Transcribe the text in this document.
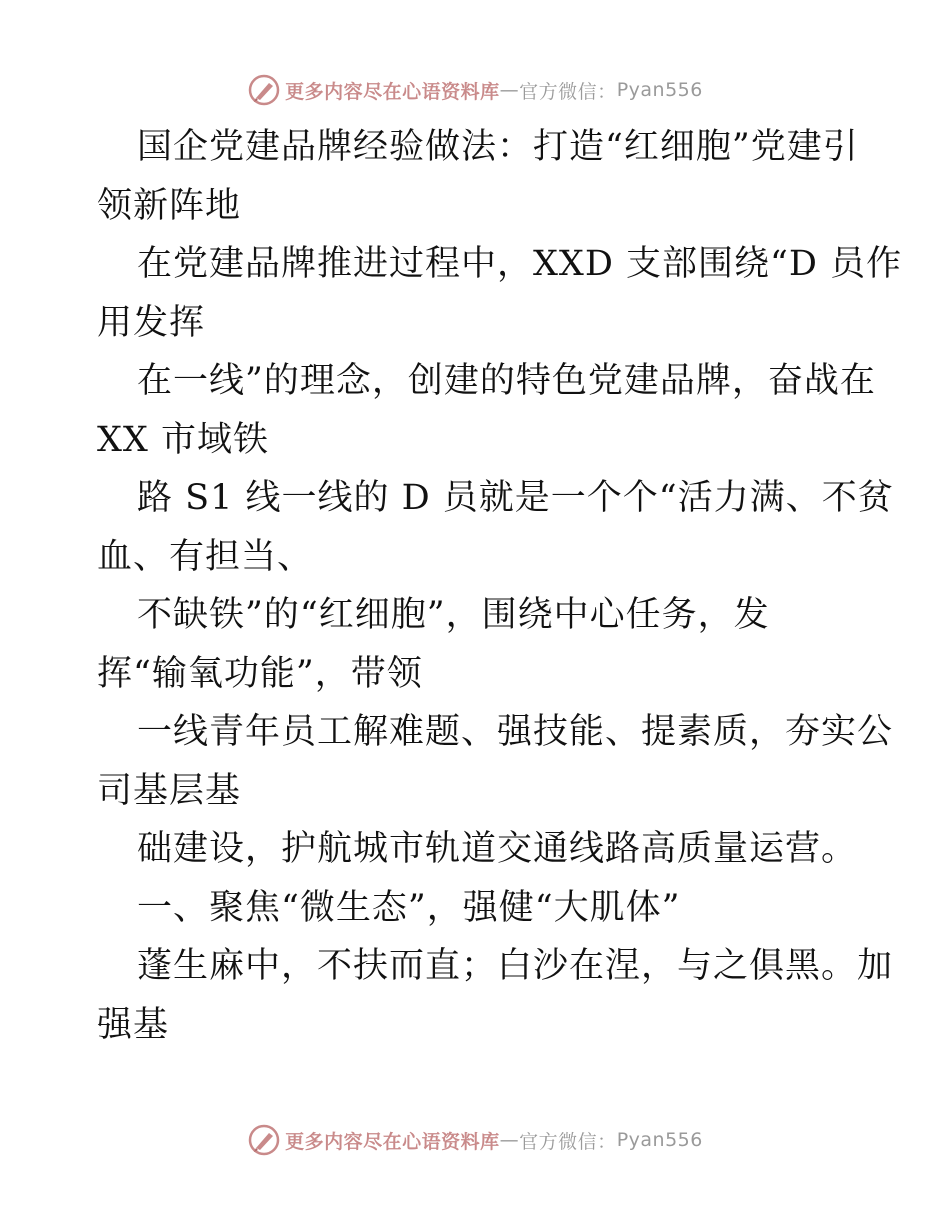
更多内容尽在心语资料库 — 官方微信： Pyan556
国企党建品牌经验做法：打造“红细胞”党建引
领新阵地
在党建品牌推进过程中，XXD 支部围绕“D 员作
用发挥
在一线”的理念，创建的特色党建品牌，奋战在
XX 市域铁
路 S1 线一线的 D 员就是一个个“活力满、不贫
血、有担当、
不缺铁”的“红细胞”，围绕中心任务，发
挥“输氧功能”，带领
一线青年员工解难题、强技能、提素质，夯实公
司基层基
础建设，护航城市轨道交通线路高质量运营。
一、聚焦“微生态”，强健“大肌体”
蓬生麻中，不扶而直；白沙在涅，与之俱黑。加
强基
更多内容尽在心语资料库 — 官方微信： Pyan556
